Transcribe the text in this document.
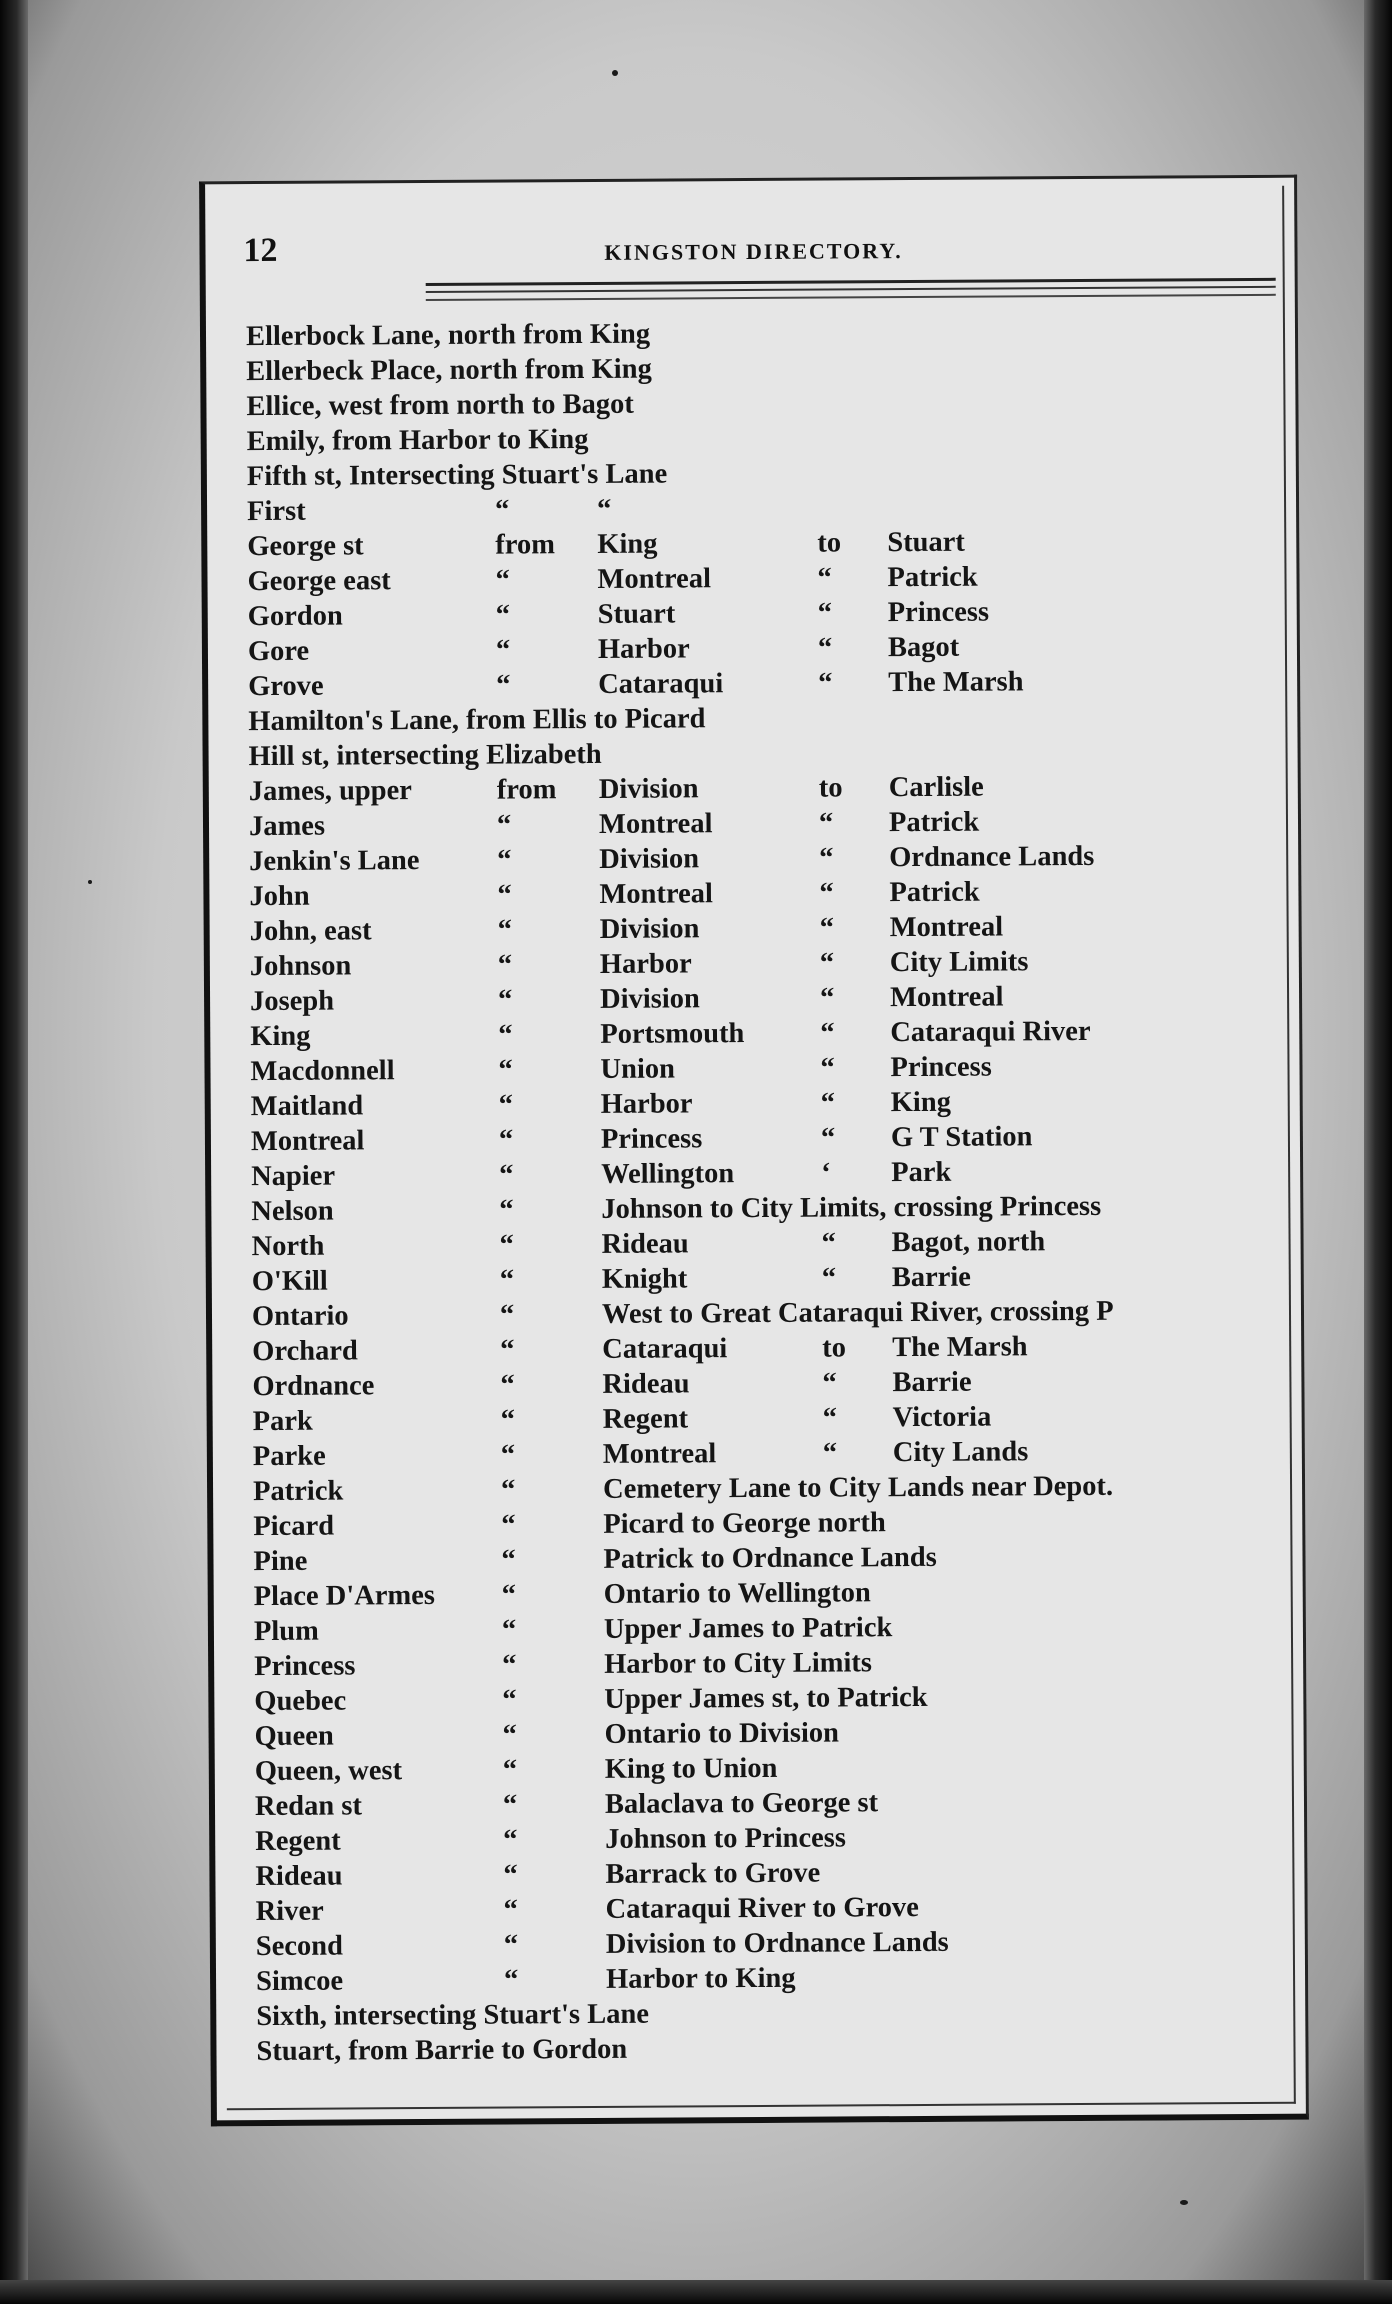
12	KINGSTON DIRECTORY.
Ellerbock Lane, north from King
Ellerbeck Place, north from King
Ellice, west from north to Bagot
Emily, from Harbor to King
Fifth st, Intersecting Stuart's Lane
First	“	“
George st	from King	to Stuart
George east	“	Montreal	“ Patrick
Gordon	“	Stuart	“ Princess
Gore	“	Harbor	“ Bagot
Grove	“	Cataraqui	“ The Marsh
Hamilton's Lane, from Ellis to Picard
Hill st, intersecting Elizabeth
James, upper	from Division	to Carlisle
James	“	Montreal	“ Patrick
Jenkin's Lane	“	Division	“ Ordnance Lands
John	“	Montreal	“ Patrick
John, east	“	Division	“ Montreal
Johnson	“	Harbor	“ City Limits
Joseph	“	Division	“ Montreal
King	“	Portsmouth	“ Cataraqui River
Macdonnell	“	Union	“ Princess
Maitland	“	Harbor	“ King
Montreal	“	Princess	“ G T Station
Napier	“	Wellington	‘ Park
Nelson	“	Johnson to City Limits, crossing Princess
North	“	Rideau	“ Bagot, north
O'Kill	“	Knight	“ Barrie
Ontario	“	West to Great Cataraqui River, crossing P
Orchard	“	Cataraqui	to The Marsh
Ordnance	“	Rideau	“ Barrie
Park	“	Regent	“ Victoria
Parke	“	Montreal	“ City Lands
Patrick	“	Cemetery Lane to City Lands near Depot.
Picard	“	Picard to George north
Pine	“	Patrick to Ordnance Lands
Place D'Armes “	Ontario to Wellington
Plum	“	Upper James to Patrick
Princess	“	Harbor to City Limits
Quebec	“	Upper James st, to Patrick
Queen	“	Ontario to Division
Queen, west	“	King to Union
Redan st	“	Balaclava to George st
Regent	“	Johnson to Princess
Rideau	“	Barrack to Grove
River	“	Cataraqui River to Grove
Second	“	Division to Ordnance Lands
Simcoe	“	Harbor to King
Sixth, intersecting Stuart's Lane
Stuart, from Barrie to Gordon
